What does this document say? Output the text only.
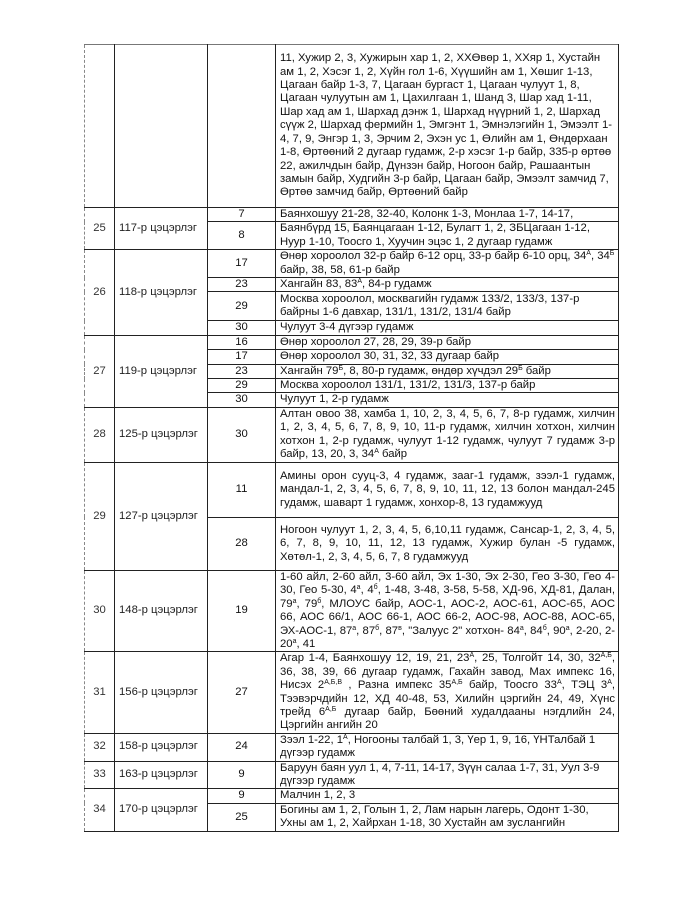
			11, Хужир 2, 3, Хужирын хар 1, 2, ХХӨвөр 1, ХХяр 1, Хустайн ам 1, 2, Хэсэг 1, 2, Хүйн гол 1-6, Хүүшийн ам 1, Хөшиг 1-13, Цагаан байр 1-3, 7, Цагаан бургаст 1, Цагаан чулуут 1, 8, Цагаан чулуутын ам 1, Цахилгаан 1, Шанд 3, Шар хад 1-11, Шар хад ам 1, Шархад дэнж 1, Шархад нүүрний 1, 2, Шархад сүүж 2, Шархад фермийн 1, Эмгэнт 1, Эмнэлэгийн 1, Эмээлт 1-4, 7, 9, Энгэр 1, 3, Эрчим 2, Эхэн ус 1, Өлийн ам 1, Өндөрхаан 1-8, Өртөөний 2 дугаар гудамж, 2-р хэсэг 1-р байр, 335-р өртөө 22, ажилчдын байр, Дүнзэн байр, Ногоон байр, Рашаантын замын байр, Худгийн 3-р байр, Цагаан байр, Эмээлт замчид 7, Өртөө замчид байр, Өртөөний байр
25	117-р цэцэрлэг	7	Баянхошуу 21-28, 32-40, Колонк 1-3, Монлаа 1-7, 14-17,
		8	Баянбүрд 15, Баянцагаан 1-12, Булагт 1, 2, ЗБЦагаан 1-12, Нуур 1-10, Тоосго 1, Хуучин эцэс 1, 2 дугаар гудамж
26	118-р цэцэрлэг	17	Өнөр хороолол 32-р байр 6-12 орц, 33-р байр 6-10 орц, $34^А$, $34^Б$ байр, 38, 58, 61-р байр
		23	Хангайн 83, $83^А$, 84-р гудамж
		29	Москва хороолол, москвагийн гудамж 133/2, 133/3, 137-р байрны 1-6 давхар, 131/1, 131/2, 131/4 байр
		30	Чулуут 3-4 дүгээр гудамж
27	119-р цэцэрлэг	16	Өнөр хороолол 27, 28, 29, 39-р байр
		17	Өнөр хороолол 30, 31, 32, 33 дугаар байр
		23	Хангайн $79^Б$, 8, 80-р гудамж, өндөр хүчдэл $29^Б$ байр
		29	Москва хороолол 131/1, 131/2, 131/3, 137-р байр
		30	Чулуут 1, 2-р гудамж
28	125-р цэцэрлэг	30	Алтан овоо 38, хамба 1, 10, 2, 3, 4, 5, 6, 7, 8-р гудамж, хилчин 1, 2, 3, 4, 5, 6, 7, 8, 9, 10, 11-р гудамж, хилчин хотхон, хилчин хотхон 1, 2-р гудамж, чулуут 1-12 гудамж, чулуут 7 гудамж 3-р байр, 13, 20, 3, $34^А$ байр
29	127-р цэцэрлэг	11	Амины орон сууц-3, 4 гудамж, зааг-1 гудамж, зээл-1 гудамж, мандал-1, 2, 3, 4, 5, 6, 7, 8, 9, 10, 11, 12, 13 болон мандал-245 гудамж, шаварт 1 гудамж, хонхор-8, 13 гудамжууд
		28	Ногоон чулуут 1, 2, 3, 4, 5, 6,10,11 гудамж, Сансар-1, 2, 3, 4, 5, 6, 7, 8, 9, 10, 11, 12, 13 гудамж, Хужир булан -5 гудамж, Хөтөл-1, 2, 3, 4, 5, 6, 7, 8 гудамжууд
30	148-р цэцэрлэг	19	1-60 айл, 2-60 айл, 3-60 айл, Эх 1-30, Эх 2-30, Гео 3-30, Гео 4-30, Гео 5-30, $4^а$, $4^б$, 1-48, 3-48, 3-58, 5-58, ХД-96, ХД-81, Далан, $79^а$, $79^б$, МЛОУС байр, АОС-1, АОС-2, АОС-61, АОС-65, АОС 66, АОС 66/1, АОС 66-1, АОС 66-2, АОС-98, АОС-88, АОС-65, ЭХ-АОС-1, $87^а$, $87^б$, $87^в$, "Залуус 2" хотхон- $84^а$, $84^б$, $90^а$, 2-20, $2-20^а$, 41
31	156-р цэцэрлэг	27	Агар 1-4, Баянхошуу 12, 19, 21, $23^А$, 25, Толгойт 14, 30, $32^{А,Б}$, 36, 38, 39, 66 дугаар гудамж, Гахайн завод, Мах импекс 16, Нисэх $2^{А,Б,В}$ , Разна импекс $35^{А,Б}$ байр, Тоосго $33^А$, ТЭЦ $3^А$, Тээвэрчдийн 12, ХД 40-48, 53, Хилийн цэргийн 24, 49, Хүнс трейд $6^{А,Б}$ дугаар байр, Бөөний худалдааны нэгдлийн 24, Цэргийн ангийн 20
32	158-р цэцэрлэг	24	Зээл 1-22, $1^А$, Ногооны талбай 1, 3, Үер 1, 9, 16, ҮНТалбай 1 дүгээр гудамж
33	163-р цэцэрлэг	9	Баруун баян уул 1, 4, 7-11, 14-17, Зүүн салаа 1-7, 31, Уул 3-9 дүгээр гудамж
34	170-р цэцэрлэг	9	Малчин 1, 2, 3
		25	Богины ам 1, 2, Голын 1, 2, Лам нарын лагерь, Одонт 1-30, Ухны ам 1, 2, Хайрхан 1-18, 30 Хустайн ам зуслангийн
